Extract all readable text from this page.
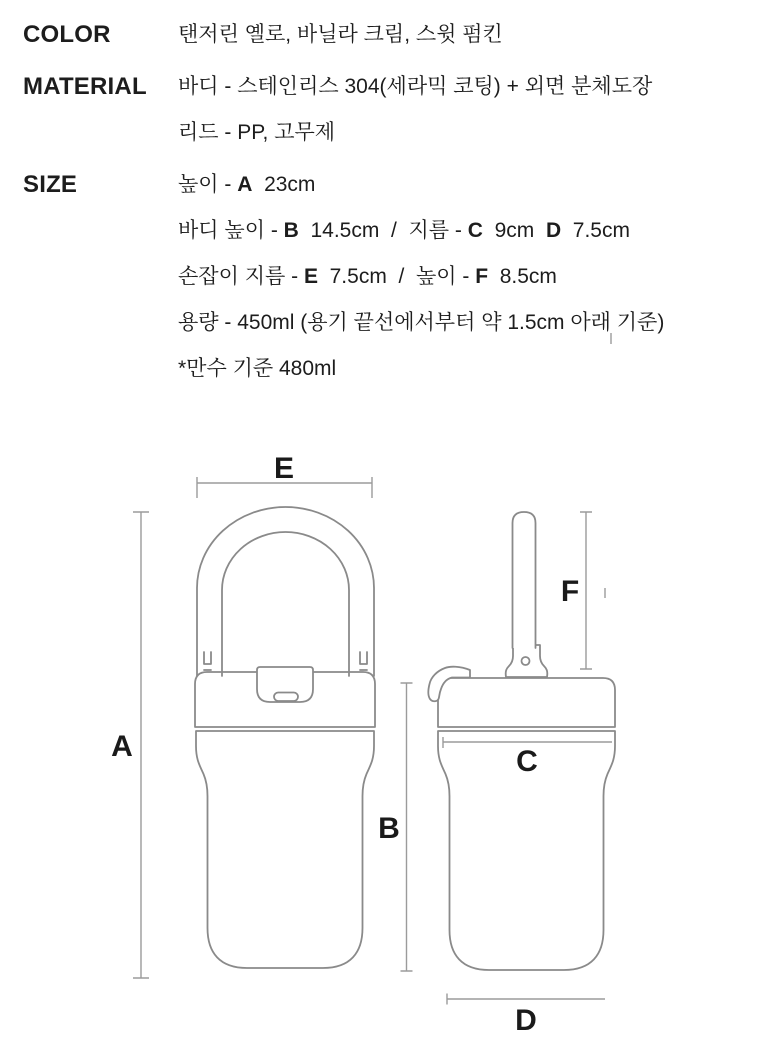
E
A
B
F
C
D
COLOR	탠저린 옐로, 바닐라 크림, 스윗 펌킨
MATERIAL	바디 - 스테인리스 304(세라믹 코팅) + 외면 분체도장
리드 - PP, 고무제
SIZE	높이 - A  23cm
바디 높이 - B  14.5cm  /  지름 - C  9cm  D  7.5cm
손잡이 지름 - E  7.5cm  /  높이 - F  8.5cm
용량 - 450ml (용기 끝선에서부터 약 1.5cm 아래 기준)
*만수 기준 480ml
